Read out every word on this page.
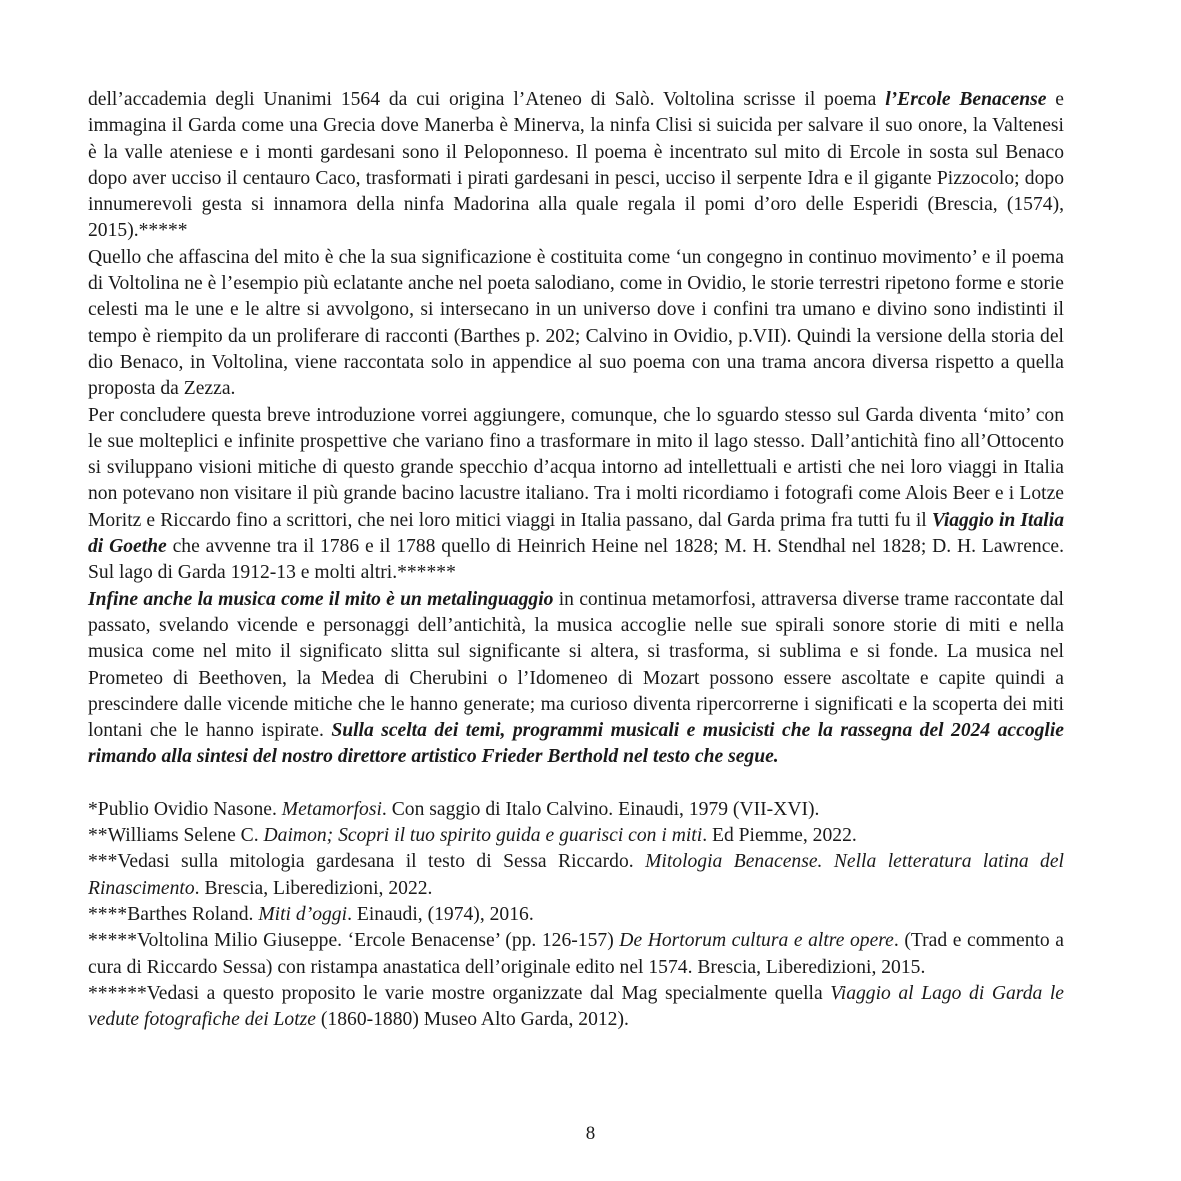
dell’accademia degli Unanimi 1564 da cui origina l’Ateneo di Salò. Voltolina scrisse il poema l’Ercole Benacense e immagina il Garda come una Grecia dove Manerba è Minerva, la ninfa Clisi si suicida per salvare il suo onore, la Valtenesi è la valle ateniese e i monti gardesani sono il Peloponneso. Il poema è incentrato sul mito di Ercole in sosta sul Benaco dopo aver ucciso il centauro Caco, trasformati i pirati gardesani in pesci, ucciso il serpente Idra e il gigante Pizzocolo; dopo innumerevoli gesta si innamora della ninfa Madorina alla quale regala il pomi d’oro delle Esperidi (Brescia, (1574), 2015).*****

Quello che affascina del mito è che la sua significazione è costituita come ‘un congegno in continuo movimento’ e il poema di Voltolina ne è l’esempio più eclatante anche nel poeta salodiano, come in Ovidio, le storie terrestri ripetono forme e storie celesti ma le une e le altre si avvolgono, si intersecano in un universo dove i confini tra umano e divino sono indistinti il tempo è riempito da un proliferare di racconti (Barthes p. 202; Calvino in Ovidio, p.VII). Quindi la versione della storia del dio Benaco, in Voltolina, viene raccontata solo in appendice al suo poema con una trama ancora diversa rispetto a quella proposta da Zezza.

Per concludere questa breve introduzione vorrei aggiungere, comunque, che lo sguardo stesso sul Garda diventa ‘mito’ con le sue molteplici e infinite prospettive che variano fino a trasformare in mito il lago stesso. Dall’antichità fino all’Ottocento si sviluppano visioni mitiche di questo grande specchio d’acqua intorno ad intellettuali e artisti che nei loro viaggi in Italia non potevano non visitare il più grande bacino lacustre italiano. Tra i molti ricordiamo i fotografi come Alois Beer e i Lotze Moritz e Riccardo fino a scrittori, che nei loro mitici viaggi in Italia passano, dal Garda prima fra tutti fu il Viaggio in Italia di Goethe che avvenne tra il 1786 e il 1788 quello di Heinrich Heine nel 1828; M. H. Stendhal nel 1828; D. H. Lawrence. Sul lago di Garda 1912-13 e molti altri.******

Infine anche la musica come il mito è un metalinguaggio in continua metamorfosi, attraversa diverse trame raccontate dal passato, svelando vicende e personaggi dell’antichità, la musica accoglie nelle sue spirali sonore storie di miti e nella musica come nel mito il significato slitta sul significante si altera, si trasforma, si sublima e si fonde. La musica nel Prometeo di Beethoven, la Medea di Cherubini o l’Idomeneo di Mozart possono essere ascoltate e capite quindi a prescindere dalle vicende mitiche che le hanno generate; ma curioso diventa ripercorrerne i significati e la scoperta dei miti lontani che le hanno ispirate. Sulla scelta dei temi, programmi musicali e musicisti che la rassegna del 2024 accoglie rimando alla sintesi del nostro direttore artistico Frieder Berthold nel testo che segue.

*Publio Ovidio Nasone. Metamorfosi. Con saggio di Italo Calvino. Einaudi, 1979 (VII-XVI).

**Williams Selene C. Daimon; Scopri il tuo spirito guida e guarisci con i miti. Ed Piemme, 2022.

***Vedasi sulla mitologia gardesana il testo di Sessa Riccardo. Mitologia Benacense. Nella letteratura latina del Rinascimento. Brescia, Liberedizioni, 2022.

****Barthes Roland. Miti d’oggi. Einaudi, (1974), 2016.

*****Voltolina Milio Giuseppe. ‘Ercole Benacense’ (pp. 126-157) De Hortorum cultura e altre opere. (Trad e commento a cura di Riccardo Sessa) con ristampa anastatica dell’originale edito nel 1574. Brescia, Liberedizioni, 2015.

******Vedasi a questo proposito le varie mostre organizzate dal Mag specialmente quella Viaggio al Lago di Garda le vedute fotografiche dei Lotze (1860-1880) Museo Alto Garda, 2012).

8
